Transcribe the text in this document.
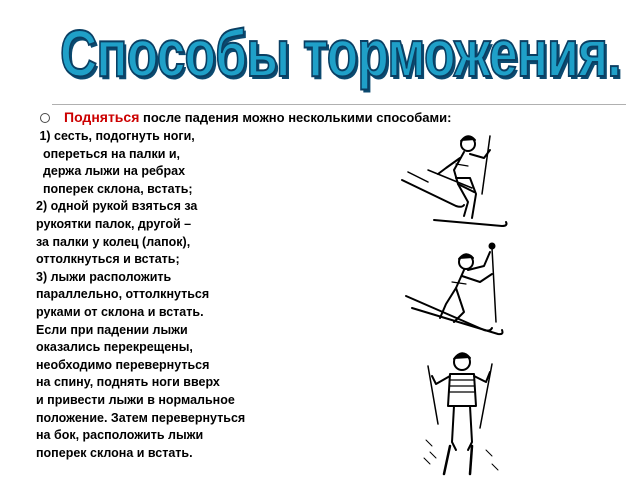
Способы торможения.
Подняться после падения можно несколькими способами:
1) сесть, подогнуть ноги,
опереться на палки и,
держа лыжи на ребрах
поперек склона, встать;
2) одной рукой взяться за
рукоятки палок, другой –
за палки у колец (лапок),
оттолкнуться и встать;
3) лыжи расположить
параллельно, оттолкнуться
руками от склона и встать.
Если при падении лыжи
оказались перекрещены,
необходимо перевернуться
на спину, поднять ноги вверх
и привести лыжи в нормальное
положение. Затем перевернуться
на бок, расположить лыжи
поперек склона и встать.
